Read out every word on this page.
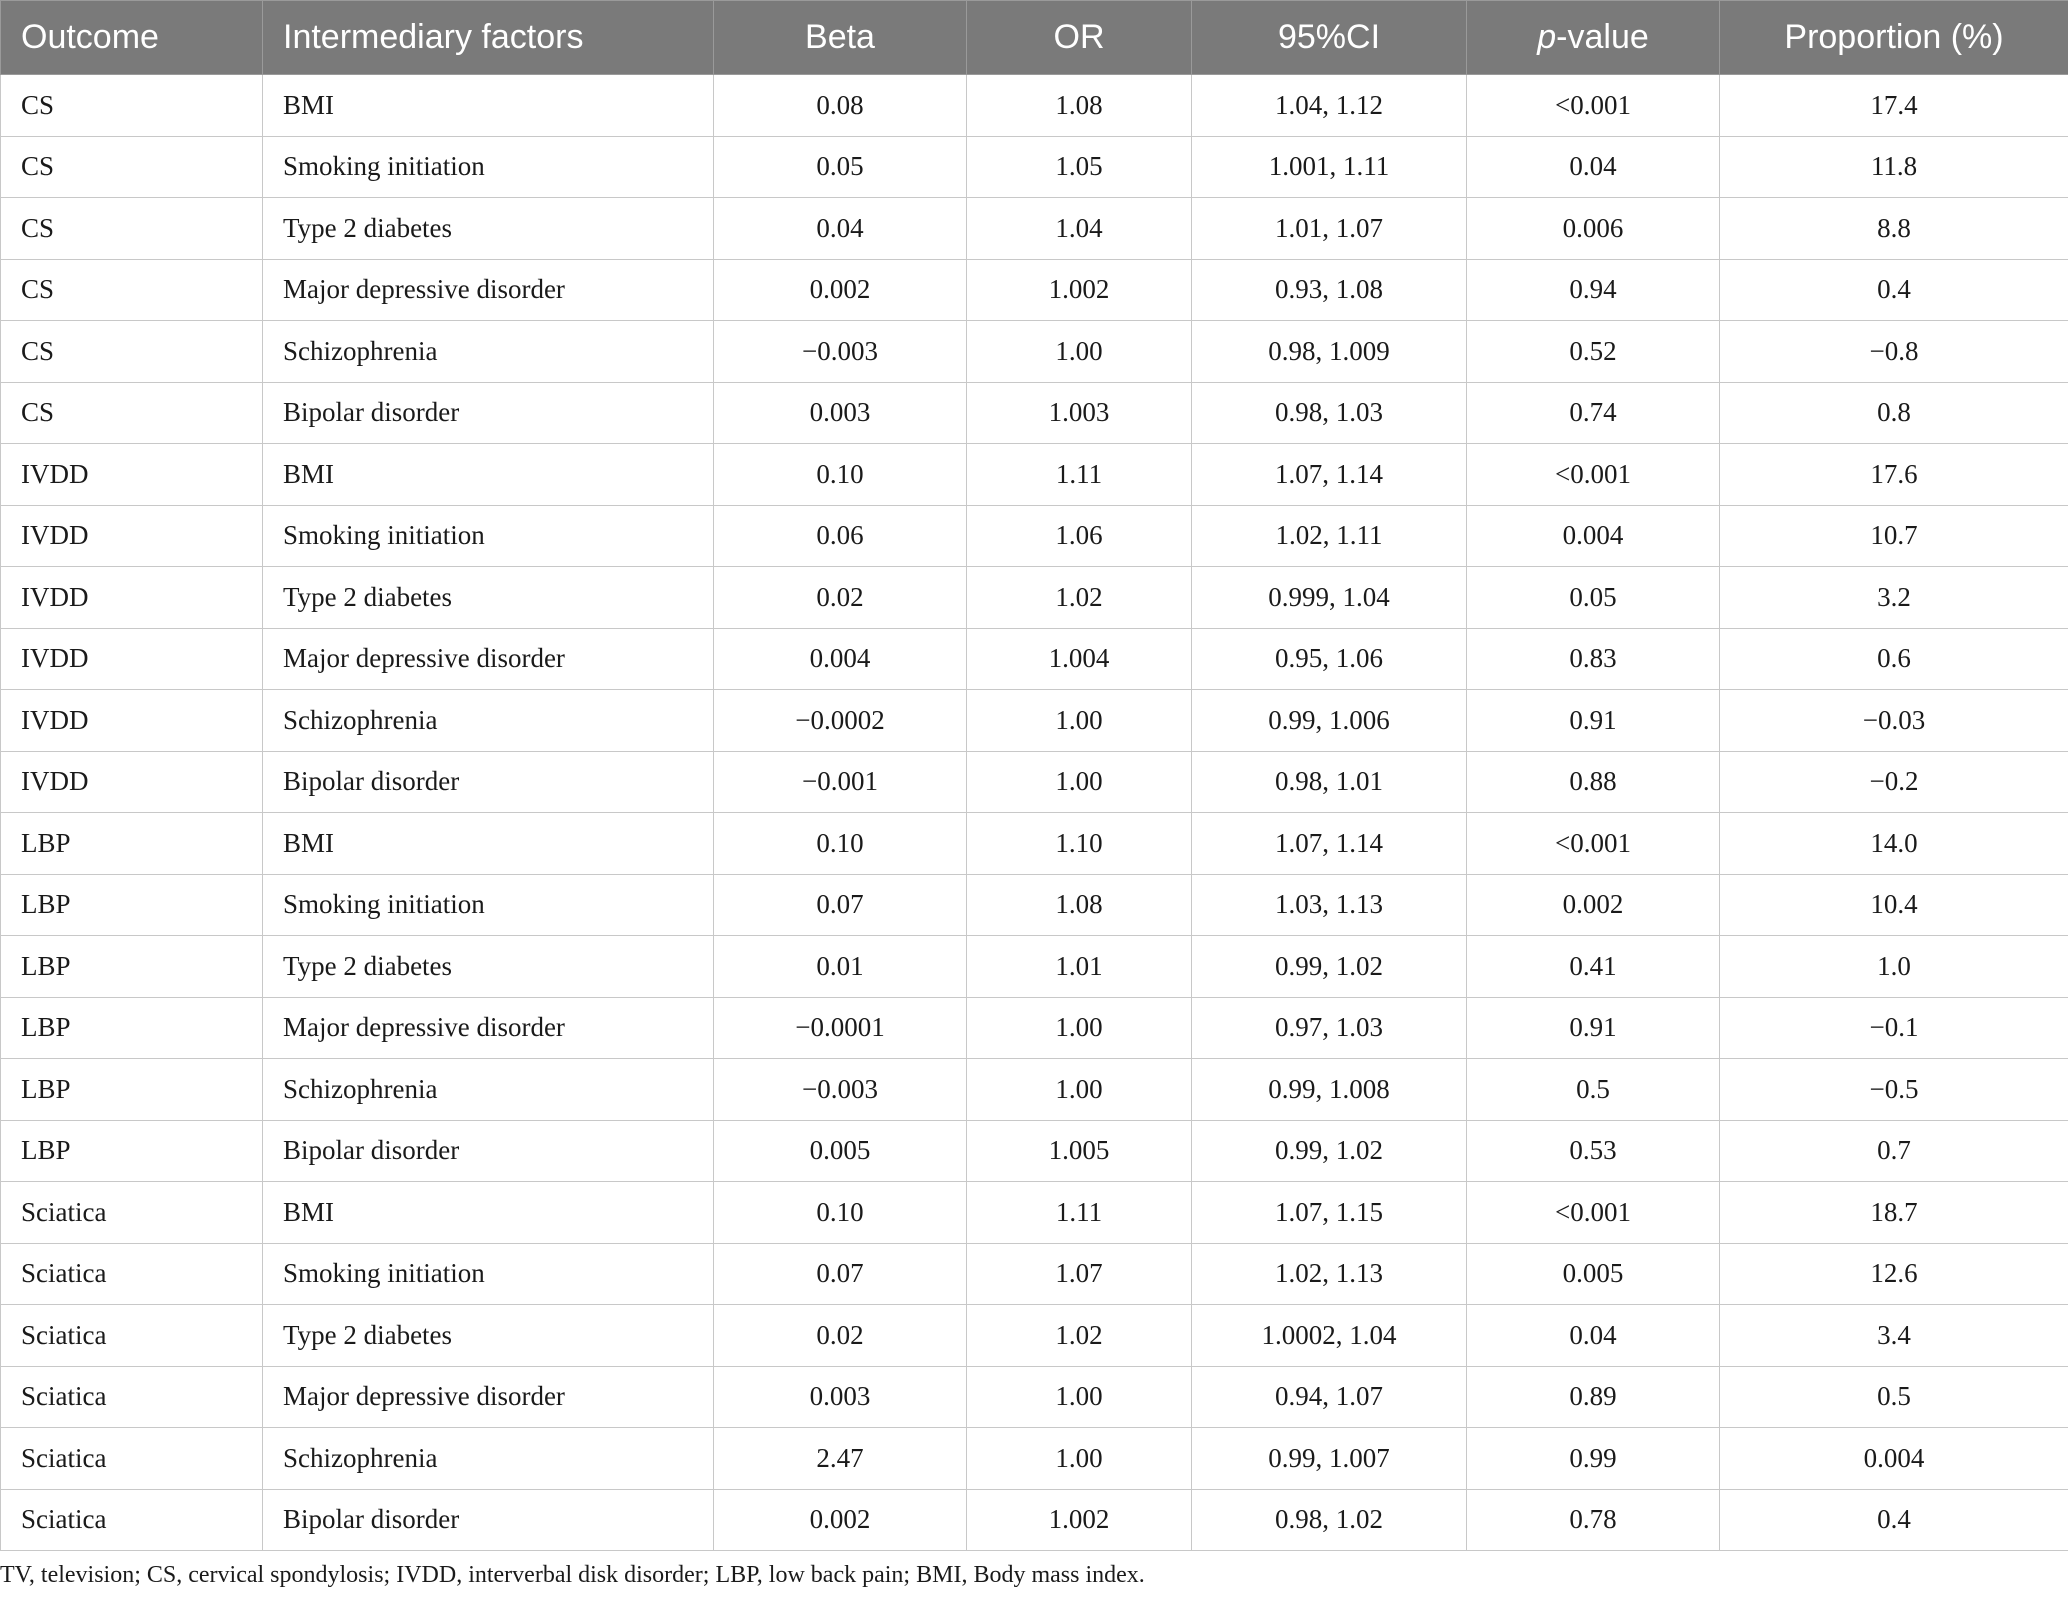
Outcome	Intermediary factors	Beta	OR	95%CI	p-value	Proportion (%)
CS	BMI	0.08	1.08	1.04, 1.12	<0.001	17.4
CS	Smoking initiation	0.05	1.05	1.001, 1.11	0.04	11.8
CS	Type 2 diabetes	0.04	1.04	1.01, 1.07	0.006	8.8
CS	Major depressive disorder	0.002	1.002	0.93, 1.08	0.94	0.4
CS	Schizophrenia	−0.003	1.00	0.98, 1.009	0.52	−0.8
CS	Bipolar disorder	0.003	1.003	0.98, 1.03	0.74	0.8
IVDD	BMI	0.10	1.11	1.07, 1.14	<0.001	17.6
IVDD	Smoking initiation	0.06	1.06	1.02, 1.11	0.004	10.7
IVDD	Type 2 diabetes	0.02	1.02	0.999, 1.04	0.05	3.2
IVDD	Major depressive disorder	0.004	1.004	0.95, 1.06	0.83	0.6
IVDD	Schizophrenia	−0.0002	1.00	0.99, 1.006	0.91	−0.03
IVDD	Bipolar disorder	−0.001	1.00	0.98, 1.01	0.88	−0.2
LBP	BMI	0.10	1.10	1.07, 1.14	<0.001	14.0
LBP	Smoking initiation	0.07	1.08	1.03, 1.13	0.002	10.4
LBP	Type 2 diabetes	0.01	1.01	0.99, 1.02	0.41	1.0
LBP	Major depressive disorder	−0.0001	1.00	0.97, 1.03	0.91	−0.1
LBP	Schizophrenia	−0.003	1.00	0.99, 1.008	0.5	−0.5
LBP	Bipolar disorder	0.005	1.005	0.99, 1.02	0.53	0.7
Sciatica	BMI	0.10	1.11	1.07, 1.15	<0.001	18.7
Sciatica	Smoking initiation	0.07	1.07	1.02, 1.13	0.005	12.6
Sciatica	Type 2 diabetes	0.02	1.02	1.0002, 1.04	0.04	3.4
Sciatica	Major depressive disorder	0.003	1.00	0.94, 1.07	0.89	0.5
Sciatica	Schizophrenia	2.47	1.00	0.99, 1.007	0.99	0.004
Sciatica	Bipolar disorder	0.002	1.002	0.98, 1.02	0.78	0.4
TV, television; CS, cervical spondylosis; IVDD, interverbal disk disorder; LBP, low back pain; BMI, Body mass index.
